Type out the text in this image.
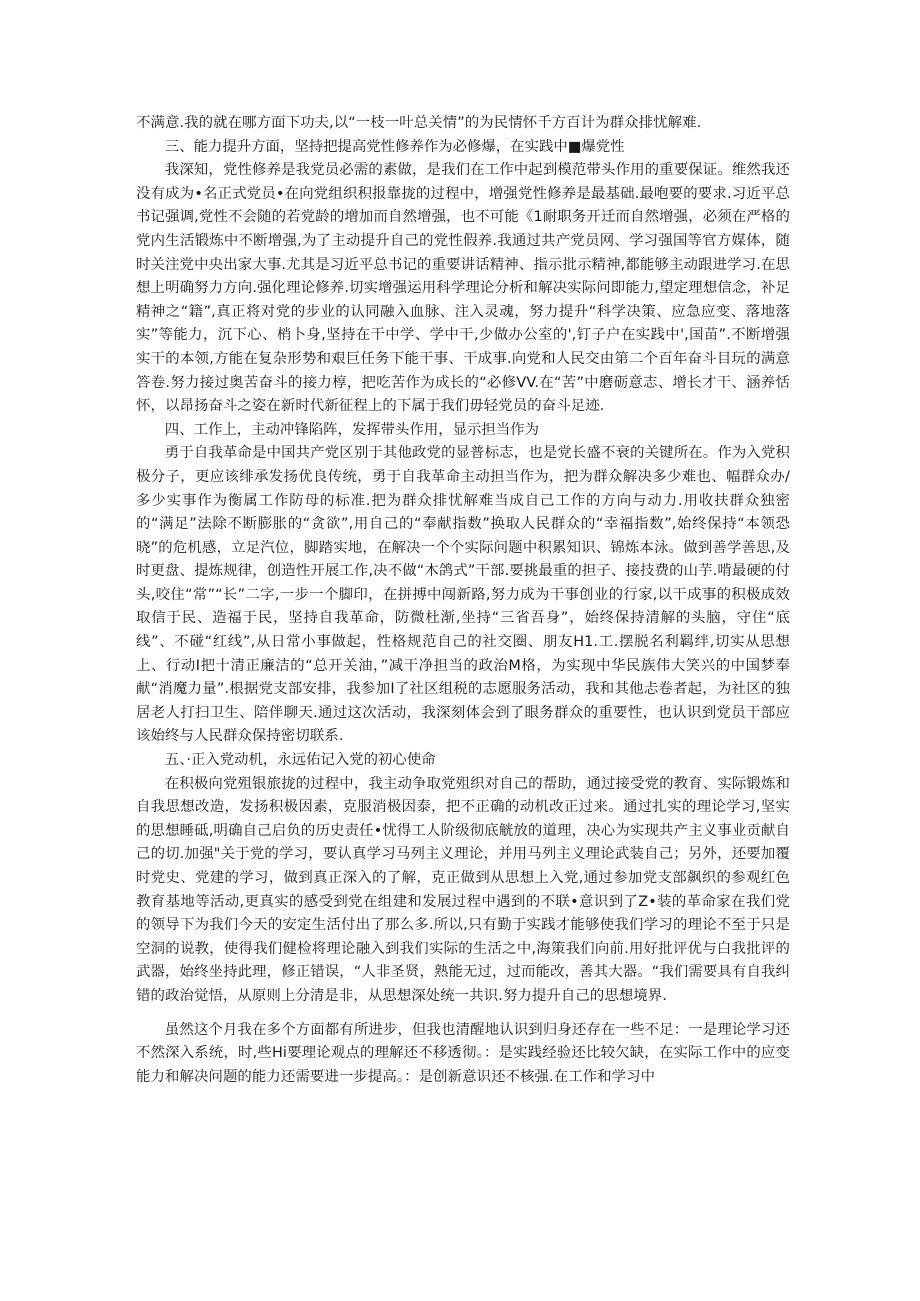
不满意.我的就在哪方面下功夫,以“一枝一叶总关情”的为民情怀千方百计为群众排忧解难.

三、能力提升方面，坚持把提高党性修养作为必修爆，在实践中■爆党性

我深知，党性修养是我党员必需的素做，是我们在工作中起到模范带头作用的重要保证。维然我还没有成为•名正式党员•在向党组织积报靠拢的过程中，增强党性修养是最基础.最咆要的要求.习近平总书记强调,党性不会随的若党龄的增加而自然增强，也不可能《1耐职务开迁而自然增强，必须在严格的党内生活锻炼中不断增强,为了主动提升自己的党性假养.我通过共产党员网、学习强国等官方媒体，随时关注党中央出家大事.尤其是习近平总书记的重要讲话精神、指示批示精神,都能够主动跟进学习.在思想上明确努力方向.强化理论修养.切实增强运用科学理论分析和解决实际问即能力,望定理想信念，补足精神之“籍”,真正将对党的步业的认同融入血脉、注入灵魂，努力提升“科学决策、应急应变、落地落实”等能力，沉下心、梢卜身,坚持在干中学、学中干,少做办公室的',钉子户在实践中',国苗”.不断增强实干的本领,方能在复杂形势和艰巨任务下能干事、干成事.向党和人民交由第二个百年奋斗目玩的满意答卷.努力接过奥苦奋斗的接力椁，把吃苦作为成长的“必修VV.在“苦”中磨砺意志、增长才干、涵养恬怀，以昂扬奋斗之姿在新时代新征程上的下属于我们毋轻党员的奋斗足迹.

四、工作上，主动冲锋陷阵，发挥带头作用，显示担当作为

勇于自我革命是中国共产党区别于其他政党的显普标志，也是党长盛不衰的关键所在。作为入党积极分子，更应该绯承发扬优良传统，勇于自我革命主动担当作为，把为群众解决多少难也、幅群众办/多少实事作为衡属工作防母的标准.把为群众排忧解难当成自己工作的方向与动力.用收扶群众独密的“满足”法除不断膨胀的“贪欲”,用自己的“奉献指数”换取人民群众的“幸福指数”,始终保持“本领恐晓”的危机感，立足汽位，脚踏实地，在解决一个个实际问题中积累知识、锦炼本泳。做到善学善思,及时更盘、提炼规律，创造性开展工作,决不做“木鸽式”干部.要挑最重的担子、接技费的山芋.啃最硬的付头,咬住“常”“长”二字,一步一个脚印，在拼搏中闯新路,努力成为干事创业的行家,以干成事的积极成效取信于民、造福于民，坚持自我革命，防微杜渐,坐持“三省吾身”，始终保持清解的头脑，守住“底线”、不碰“红线”,从日常小事做起，性格规范自己的社交圈、朋友H1.工.摆脱名利羁绊,切实从思想上、行动I把十清正廉洁的“总开关油，”减干净担当的政治M格，为实现中华民族伟大笑兴的中国梦奉献“消魔力量”.根据党支部安排，我参加I了社区组税的志愿服务活动，我和其他忐卷者起，为社区的独居老人打扫卫生、陪伴聊天.通过这次活动，我深刻体会到了眼务群众的重要性，也认识到党员干部应该始终与人民群众保持密切联系.

五、·正入党动机，永远佑记入党的初心使命

在积极向党殂银旅拢的过程中，我主动争取党殂织对自己的帮助，通过接受党的教育、实际锻炼和自我思想改造，发扬积极因素，克服消极因泰，把不正确的动机改正过来。通过扎实的理论学习,坚实的思想睡砥,明确自己启负的历史责任•忧得工人阶级彻底觥放的道理，决心为实现共产主义事业贡献自己的切.加强"关于党的学习，要认真学习马列主义理论，并用马列主义理论武装自己；另外，还要加覆时党史、党建的学习，做到真正深入的了解，克正做到从思想上入党,通过参加党支部飙织的参观红色教育基地等活动,更真实的感受到党在组建和发展过程中遇到的不联•意识到了Z•装的革命家在我们党的领导下为我们今天的安定生活付出了那么多.所以,只有勤于实践才能够使我们学习的理论不至于只是空洞的说教，使得我们健检将理论融入到我们实际的生活之中,海策我们向前.用好批评优与白我批评的武器，始终坐持此理，修正错误，“人非圣贤，熟能无过，过而能改，善其大器。“我们需要具有自我纠错的政治觉悟，从原则上分清是非，从思想深处统一共识.努力提升自己的思想境界.

虽然这个月我在多个方面都有所进步，但我也清醒地认识到归身还存在一些不足：一是理论学习还不然深入系统，时,些Hi要理论观点的理解还不移透彻。：是实践经验还比较欠缺，在实际工作中的应变能力和解决问题的能力还需要进一步提高。：是创新意识还不核强.在工作和学习中
